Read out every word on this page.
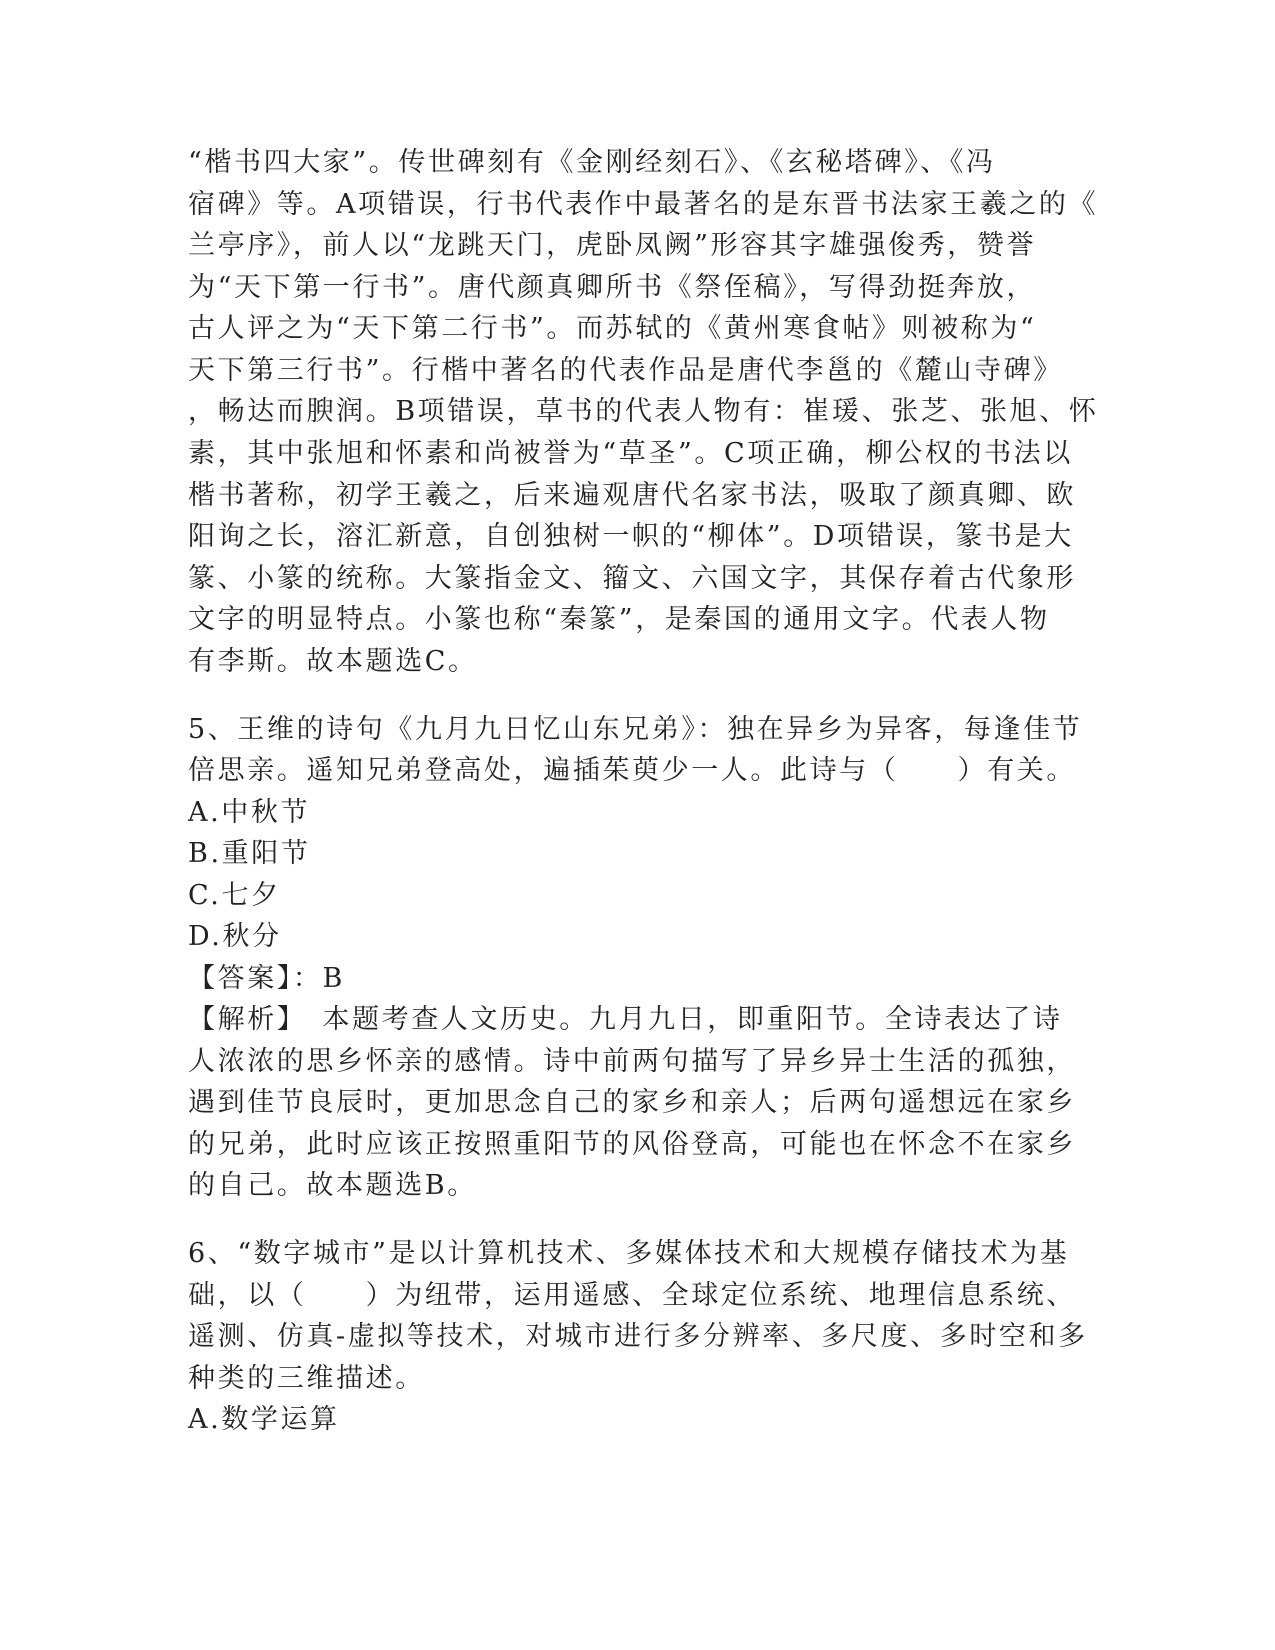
“楷书四大家”。传世碑刻有《金刚经刻石》、《玄秘塔碑》、《冯
宿碑》等。A项错误，行书代表作中最著名的是东晋书法家王羲之的《
兰亭序》，前人以“龙跳天门，虎卧凤阙”形容其字雄强俊秀，赞誉
为“天下第一行书”。唐代颜真卿所书《祭侄稿》，写得劲挺奔放，
古人评之为“天下第二行书”。而苏轼的《黄州寒食帖》则被称为“
天下第三行书”。行楷中著名的代表作品是唐代李邕的《麓山寺碑》
，畅达而腴润。B项错误，草书的代表人物有：崔瑗、张芝、张旭、怀
素，其中张旭和怀素和尚被誉为“草圣”。C项正确，柳公权的书法以
楷书著称，初学王羲之，后来遍观唐代名家书法，吸取了颜真卿、欧
阳询之长，溶汇新意，自创独树一帜的“柳体”。D项错误，篆书是大
篆、小篆的统称。大篆指金文、籀文、六国文字，其保存着古代象形
文字的明显特点。小篆也称“秦篆”，是秦国的通用文字。代表人物
有李斯。故本题选C。
5、王维的诗句《九月九日忆山东兄弟》：独在异乡为异客，每逢佳节
倍思亲。遥知兄弟登高处，遍插茱萸少一人。此诗与（　　）有关。
A.中秋节
B.重阳节
C.七夕
D.秋分
【答案】：B
【解析】　本题考查人文历史。九月九日，即重阳节。全诗表达了诗
人浓浓的思乡怀亲的感情。诗中前两句描写了异乡异士生活的孤独，
遇到佳节良辰时，更加思念自己的家乡和亲人；后两句遥想远在家乡
的兄弟，此时应该正按照重阳节的风俗登高，可能也在怀念不在家乡
的自己。故本题选B。
6、“数字城市”是以计算机技术、多媒体技术和大规模存储技术为基
础，以（　　）为纽带，运用遥感、全球定位系统、地理信息系统、
遥测、仿真-虚拟等技术，对城市进行多分辨率、多尺度、多时空和多
种类的三维描述。
A.数学运算
